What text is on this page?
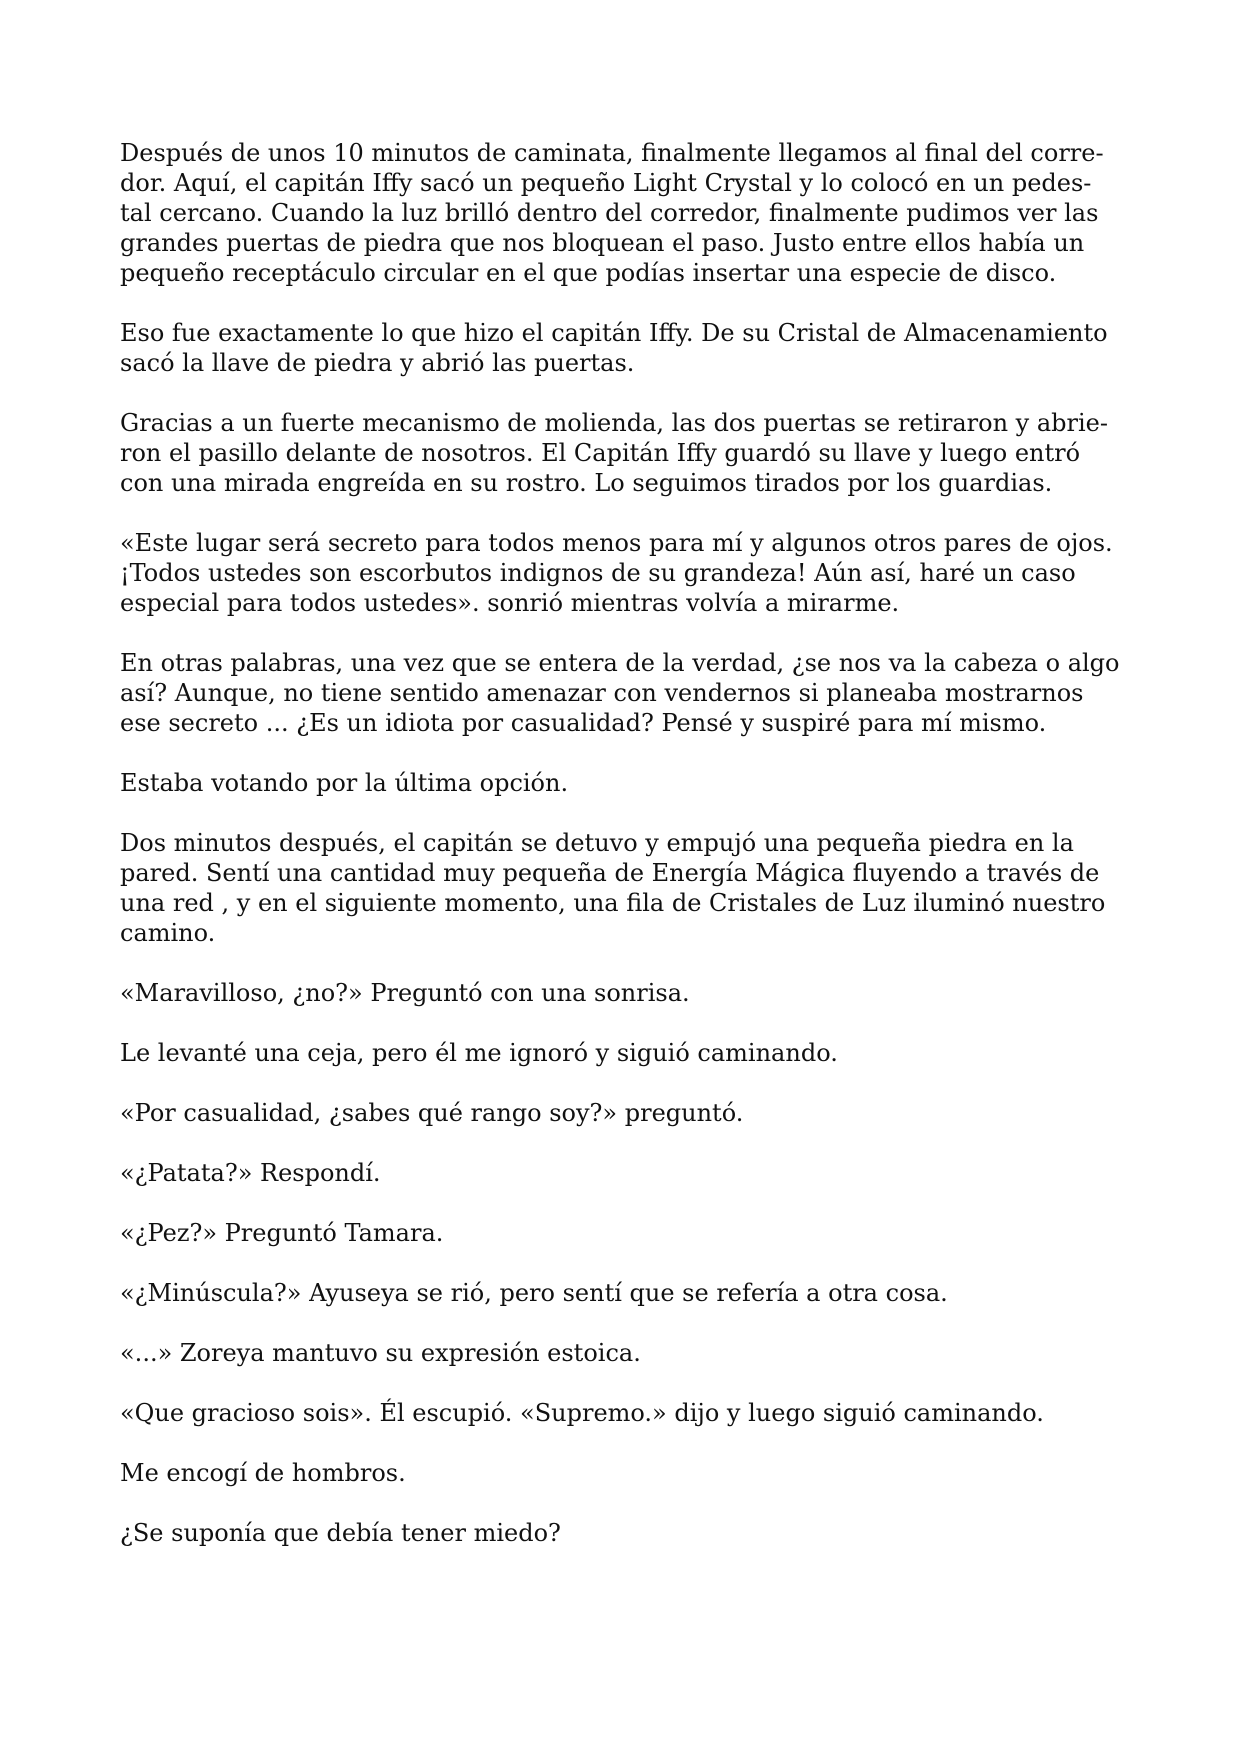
Después de unos 10 minutos de caminata, finalmente llegamos al final del corre-
dor. Aquí, el capitán Iffy sacó un pequeño Light Crystal y lo colocó en un pedes-
tal cercano. Cuando la luz brilló dentro del corredor, finalmente pudimos ver las
grandes puertas de piedra que nos bloquean el paso. Justo entre ellos había un
pequeño receptáculo circular en el que podías insertar una especie de disco.

Eso fue exactamente lo que hizo el capitán Iffy. De su Cristal de Almacenamiento
sacó la llave de piedra y abrió las puertas.

Gracias a un fuerte mecanismo de molienda, las dos puertas se retiraron y abrie-
ron el pasillo delante de nosotros. El Capitán Iffy guardó su llave y luego entró
con una mirada engreída en su rostro. Lo seguimos tirados por los guardias.

«Este lugar será secreto para todos menos para mí y algunos otros pares de ojos.
¡Todos ustedes son escorbutos indignos de su grandeza! Aún así, haré un caso
especial para todos ustedes». sonrió mientras volvía a mirarme.

En otras palabras, una vez que se entera de la verdad, ¿se nos va la cabeza o algo
así? Aunque, no tiene sentido amenazar con vendernos si planeaba mostrarnos
ese secreto ... ¿Es un idiota por casualidad? Pensé y suspiré para mí mismo.

Estaba votando por la última opción.

Dos minutos después, el capitán se detuvo y empujó una pequeña piedra en la
pared. Sentí una cantidad muy pequeña de Energía Mágica fluyendo a través de
una red , y en el siguiente momento, una fila de Cristales de Luz iluminó nuestro
camino.

«Maravilloso, ¿no?» Preguntó con una sonrisa.

Le levanté una ceja, pero él me ignoró y siguió caminando.

«Por casualidad, ¿sabes qué rango soy?» preguntó.

«¿Patata?» Respondí.

«¿Pez?» Preguntó Tamara.

«¿Minúscula?» Ayuseya se rió, pero sentí que se refería a otra cosa.

«...» Zoreya mantuvo su expresión estoica.

«Que gracioso sois». Él escupió. «Supremo.» dijo y luego siguió caminando.

Me encogí de hombros.

¿Se suponía que debía tener miedo?
